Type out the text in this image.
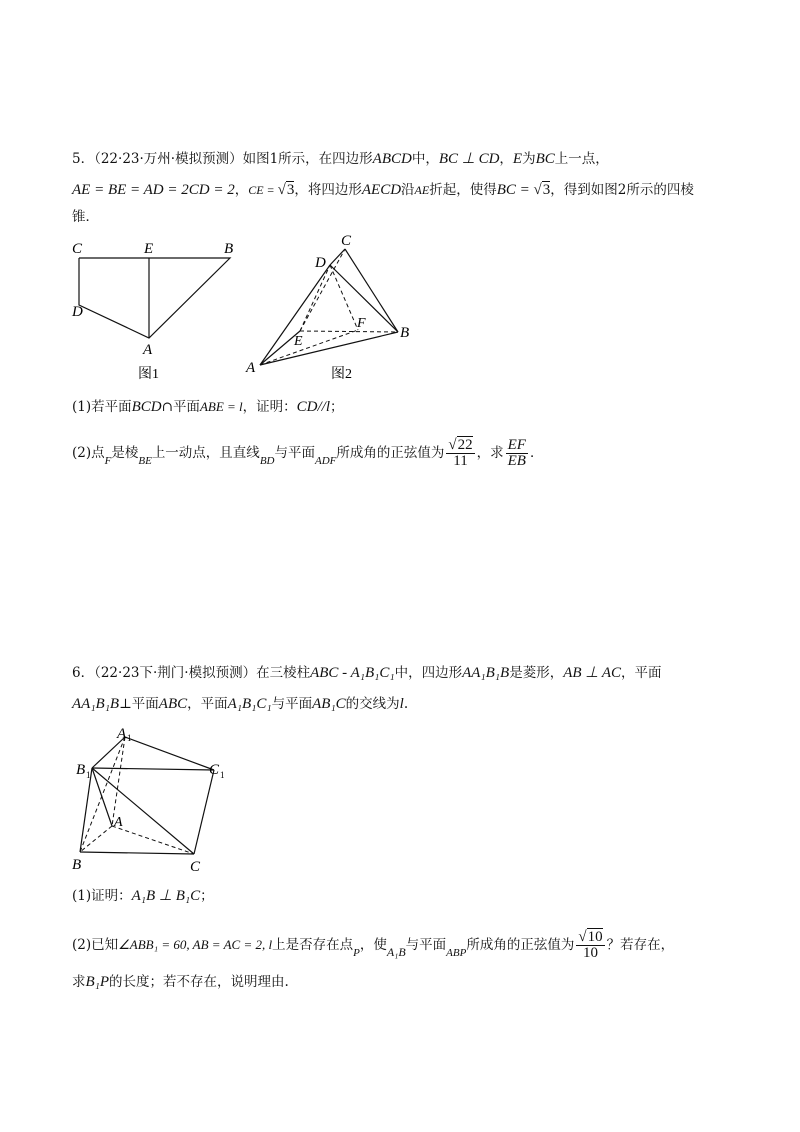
5．（22·23·万州·模拟预测）如图1所示，在四边形ABCD中，BC ⊥ CD，E为BC上一点，
AE = BE = AD = 2CD = 2，CE = √3，将四边形AECD沿AE折起，使得BC = √3，得到如图2所示的四棱
锥．
C	E	B
D
A
图1
C
D
F
B
E
A	图2
(1)若平面BCD∩平面ABE = l，证明：CD//l；
(2)点$_F$是棱$_{BE}$上一动点，且直线$_{BD}$与平面$_{ADF}$所成角的正弦值为 $\frac{√22}{11}$ ，求 $\frac{EF}{EB}$ ．
6．（22·23下·荆门·模拟预测）在三棱柱ABC - A₁B₁C₁中，四边形AA₁B₁B是菱形，AB ⊥ AC，平面
AA₁B₁B⊥平面ABC，平面A₁B₁C₁与平面AB₁C的交线为l.
A 1
B 1	C 1
A
B	C
(1)证明：A₁B ⊥ B₁C；
(2)已知∠ABB₁ = 60, AB = AC = 2, l上是否存在点$_P$，使A₁B与平面$_{ABP}$所成角的正弦值为 $\frac{√10}{10}$ ？若存在，
求B₁P的长度；若不存在，说明理由.
